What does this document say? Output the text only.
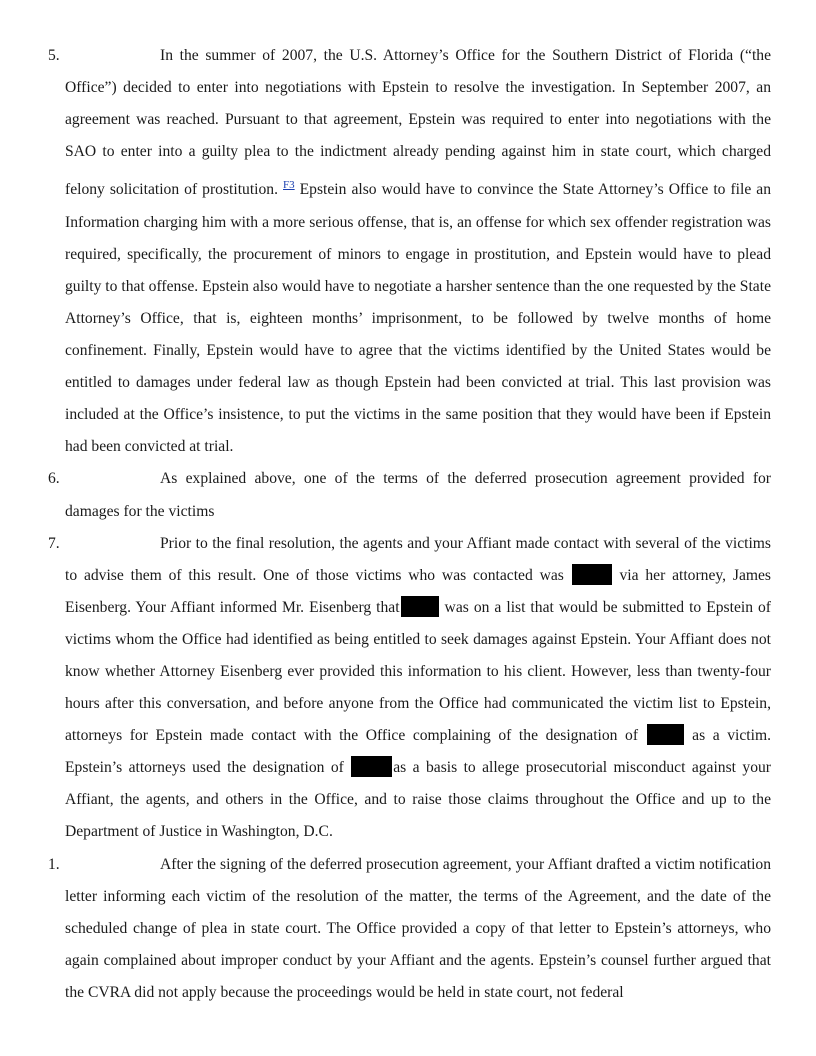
5.	In the summer of 2007, the U.S. Attorney’s Office for the Southern District of Florida (“the Office”) decided to enter into negotiations with Epstein to resolve the investigation. In September 2007, an agreement was reached. Pursuant to that agreement, Epstein was required to enter into negotiations with the SAO to enter into a guilty plea to the indictment already pending against him in state court, which charged felony solicitation of prostitution. $^{F3}$ Epstein also would have to convince the State Attorney’s Office to file an Information charging him with a more serious offense, that is, an offense for which sex offender registration was required, specifically, the procurement of minors to engage in prostitution, and Epstein would have to plead guilty to that offense. Epstein also would have to negotiate a harsher sentence than the one requested by the State Attorney’s Office, that is, eighteen months’ imprisonment, to be followed by twelve months of home confinement. Finally, Epstein would have to agree that the victims identified by the United States would be entitled to damages under federal law as though Epstein had been convicted at trial. This last provision was included at the Office’s insistence, to put the victims in the same position that they would have been if Epstein had been convicted at trial.

6.	As explained above, one of the terms of the deferred prosecution agreement provided for damages for the victims

7.	Prior to the final resolution, the agents and your Affiant made contact with several of the victims to advise them of this result. One of those victims who was contacted was	via her attorney, James Eisenberg. Your Affiant informed Mr. Eisenberg that	was on a list that would be submitted to Epstein of victims whom the Office had identified as being entitled to seek damages against Epstein. Your Affiant does not know whether Attorney Eisenberg ever provided this information to his client. However, less than twenty-four hours after this conversation, and before anyone from the Office had communicated the victim list to Epstein, attorneys for Epstein made contact with the Office complaining of the designation of	as a victim. Epstein’s attorneys used the designation of	as a basis to allege prosecutorial misconduct against your Affiant, the agents, and others in the Office, and to raise those claims throughout the Office and up to the Department of Justice in Washington, D.C.

1.	After the signing of the deferred prosecution agreement, your Affiant drafted a victim notification letter informing each victim of the resolution of the matter, the terms of the Agreement, and the date of the scheduled change of plea in state court. The Office provided a copy of that letter to Epstein’s attorneys, who again complained about improper conduct by your Affiant and the agents. Epstein’s counsel further argued that the CVRA did not apply because the proceedings would be held in state court, not federal
